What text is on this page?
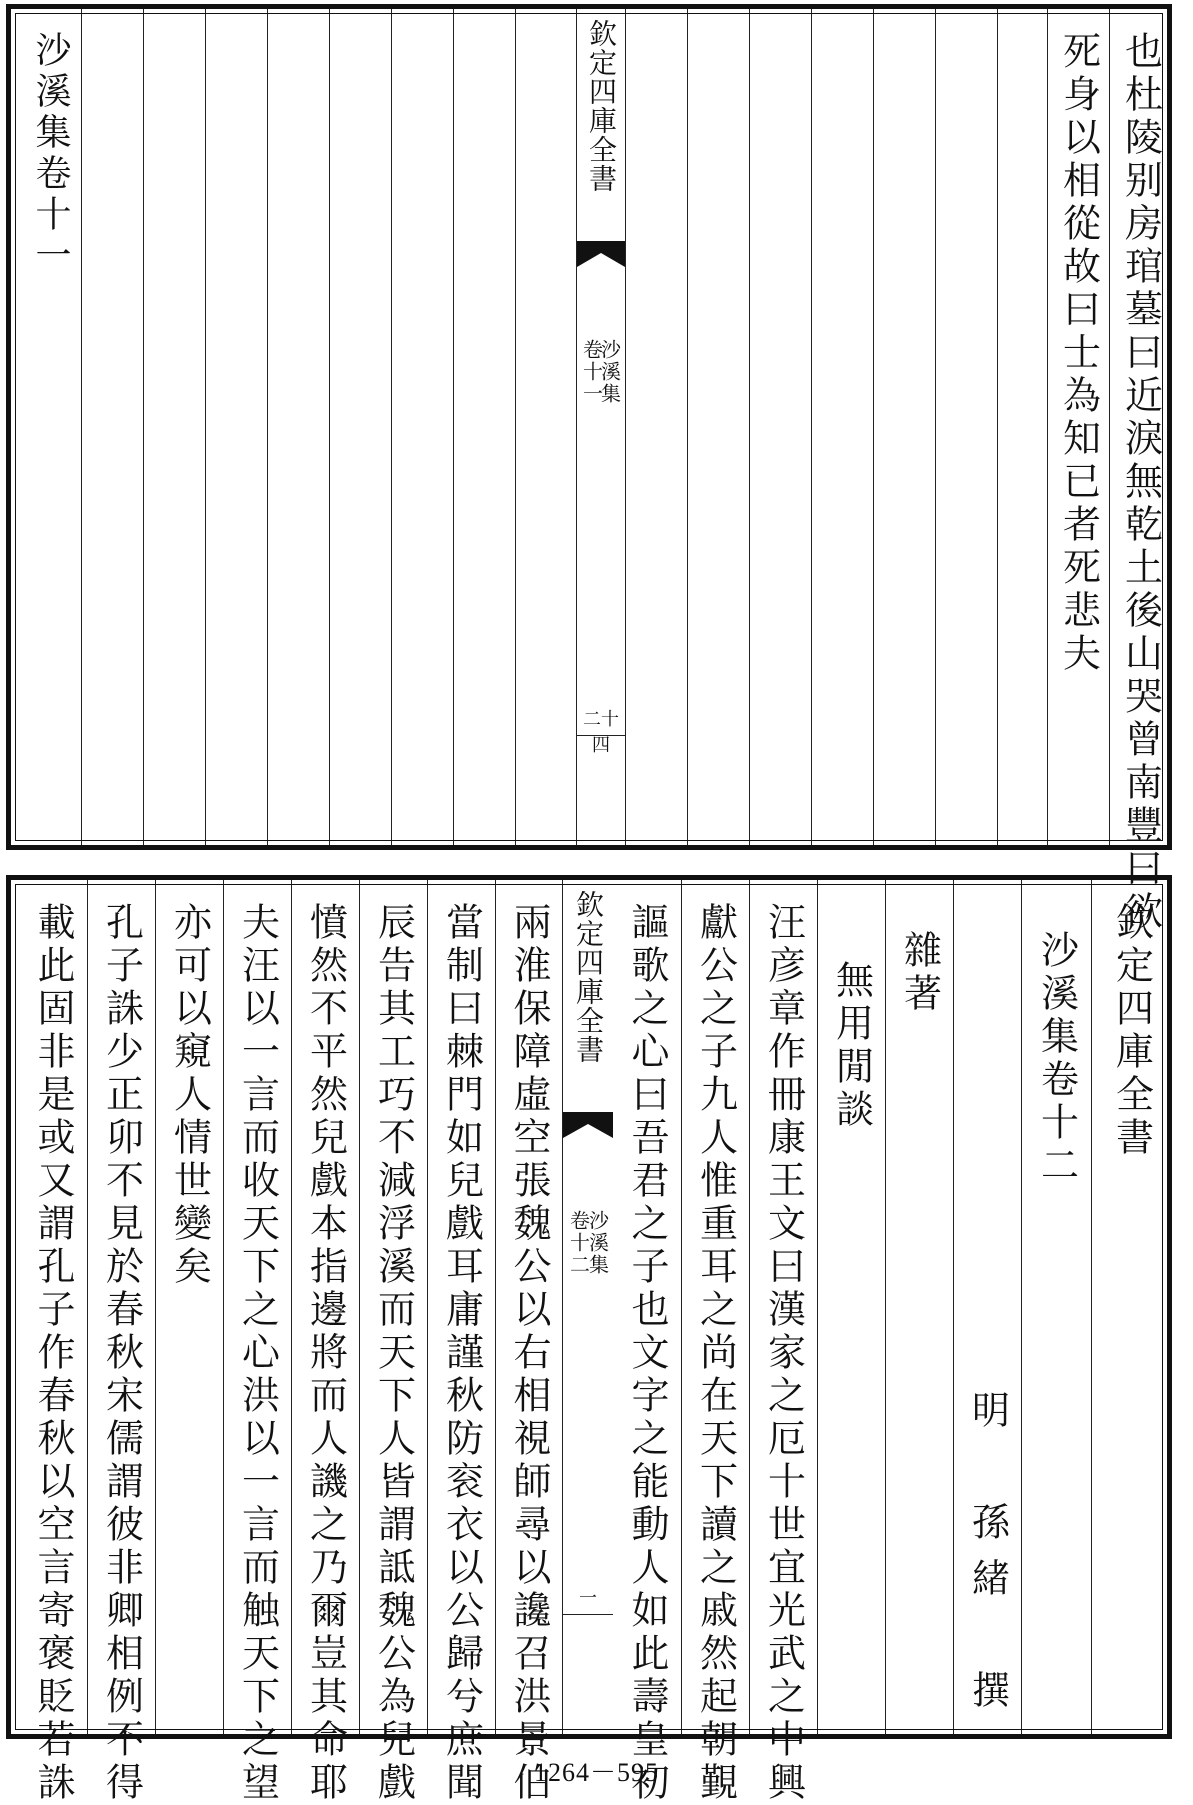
沙溪集卷十一	欽定四庫全書
沙溪集
卷十一
二十四
死身以相從故曰士為知已者死悲夫 也杜陵别房琯墓曰近淚無乾土後山哭曾南豐曰欲
載此固非是或又謂孔子作春秋以空言寄褒貶若誅 孔子誅少正卯不見於春秋宋儒謂彼非卿相例不得 亦可以窺人情世變矣 夫汪以一言而收天下之心洪以一言而触天下之望 憤然不平然兒戲本指邊將而人譏之乃爾豈其命耶 辰告其工巧不減浮溪而天下人皆謂詆魏公為兒戲 當制曰棘門如兒戲耳庸謹秋防衮衣以公歸兮庶聞 兩淮保障虛空張魏公以右相視師尋以讒召洪景伯 欽定四庫全書
沙溪集
卷十二
一 謳歌之心曰吾君之子也文字之能動人如此壽皇初 獻公之子九人惟重耳之尚在天下讀之戚然起朝覲 汪彦章作冊康王文曰漢家之厄十世宜光武之中興 無用閒談 雜著
明　孫緒　撰
沙溪集卷十二 欽定四庫全書
1264－595
